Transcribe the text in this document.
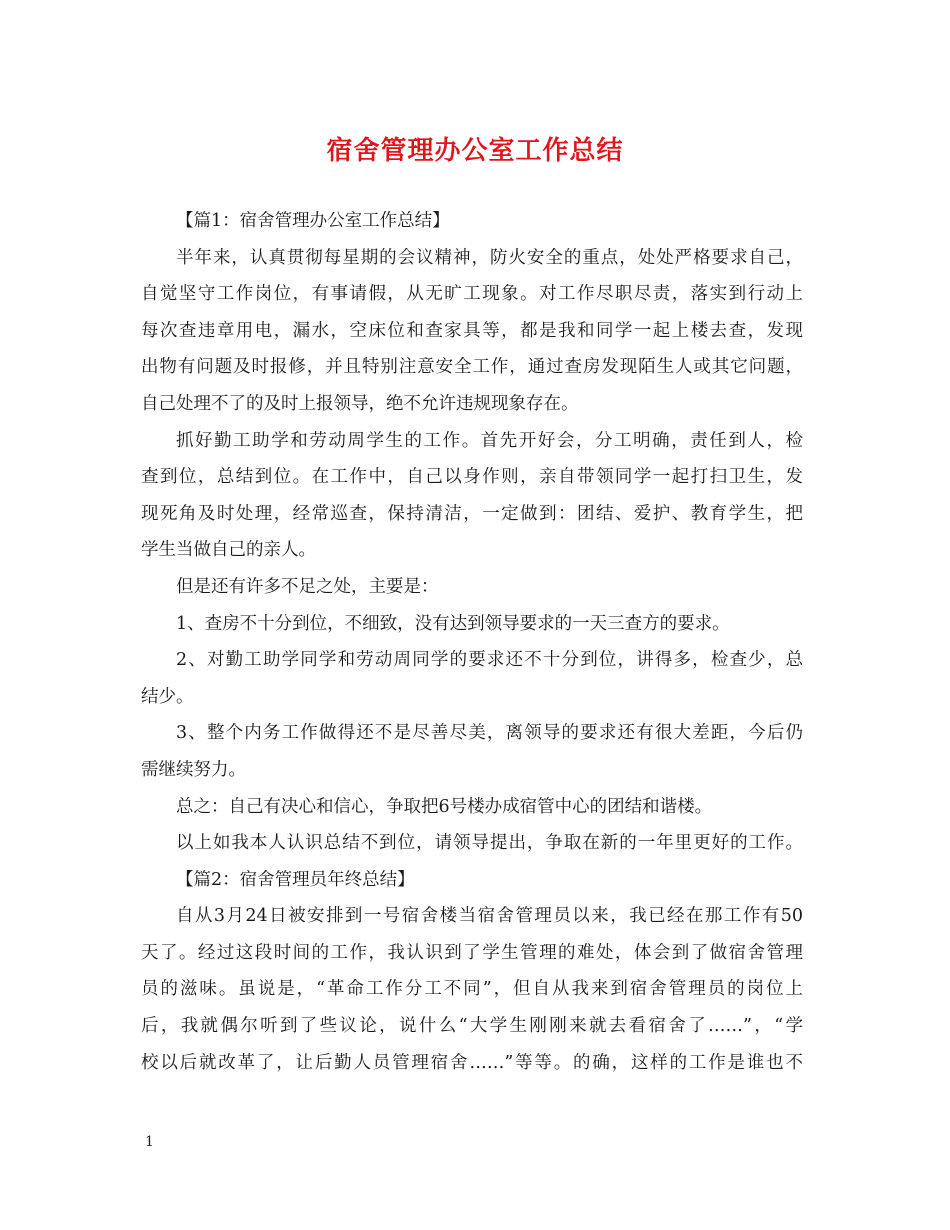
宿舍管理办公室工作总结
【篇1：宿舍管理办公室工作总结】
半年来，认真贯彻每星期的会议精神，防火安全的重点，处处严格要求自己，
自觉坚守工作岗位，有事请假，从无旷工现象。对工作尽职尽责，落实到行动上
每次查违章用电，漏水，空床位和查家具等，都是我和同学一起上楼去查，发现
出物有问题及时报修，并且特别注意安全工作，通过查房发现陌生人或其它问题，
自己处理不了的及时上报领导，绝不允许违规现象存在。
抓好勤工助学和劳动周学生的工作。首先开好会，分工明确，责任到人，检
查到位，总结到位。在工作中，自己以身作则，亲自带领同学一起打扫卫生，发
现死角及时处理，经常巡查，保持清洁，一定做到：团结、爱护、教育学生，把
学生当做自己的亲人。
但是还有许多不足之处，主要是：
1、查房不十分到位，不细致，没有达到领导要求的一天三查方的要求。
2、对勤工助学同学和劳动周同学的要求还不十分到位，讲得多，检查少，总
结少。
3、整个内务工作做得还不是尽善尽美，离领导的要求还有很大差距，今后仍
需继续努力。
总之：自己有决心和信心，争取把6号楼办成宿管中心的团结和谐楼。
以上如我本人认识总结不到位，请领导提出，争取在新的一年里更好的工作。
【篇2：宿舍管理员年终总结】
自从3月24日被安排到一号宿舍楼当宿舍管理员以来，我已经在那工作有50
天了。经过这段时间的工作，我认识到了学生管理的难处，体会到了做宿舍管理
员的滋味。虽说是，“革命工作分工不同”，但自从我来到宿舍管理员的岗位上
后，我就偶尔听到了些议论，说什么“大学生刚刚来就去看宿舍了……”，“学
校以后就改革了，让后勤人员管理宿舍……”等等。的确，这样的工作是谁也不
1
